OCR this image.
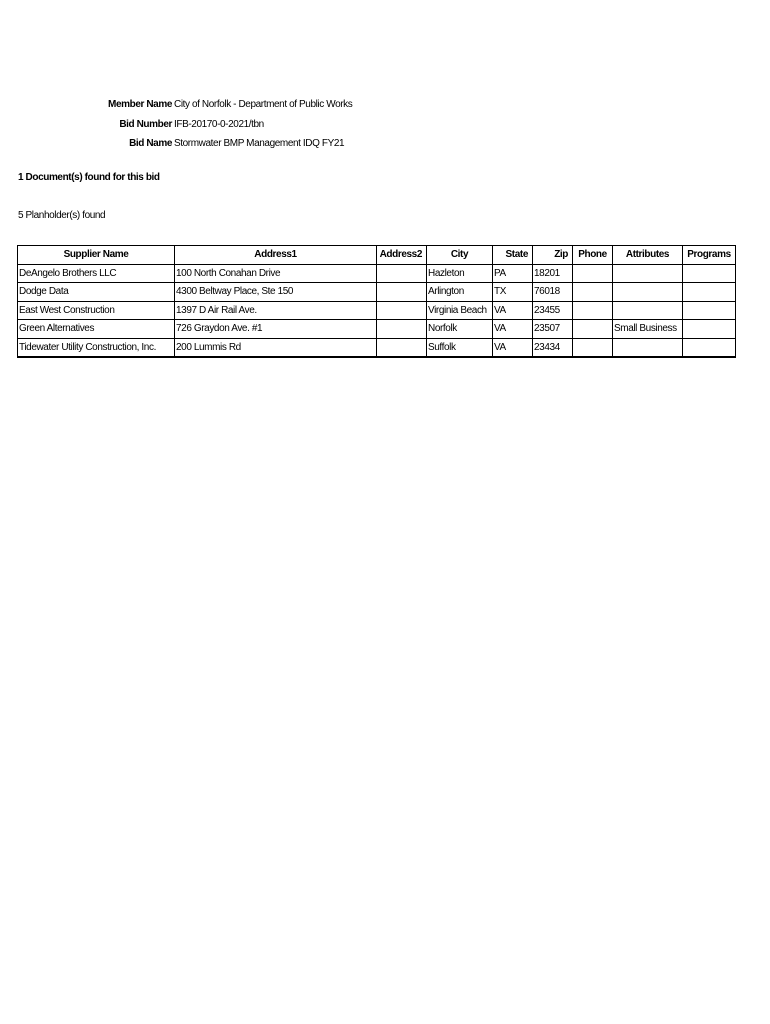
Member Name City of Norfolk - Department of Public Works
Bid Number IFB-20170-0-2021/tbn
Bid Name Stormwater BMP Management IDQ FY21
1 Document(s) found for this bid
5 Planholder(s) found
Supplier Name	Address1	Address2	City	State	Zip	Phone	Attributes	Programs
DeAngelo Brothers LLC	100 North Conahan Drive		Hazleton	PA	18201			
Dodge Data	4300 Beltway Place, Ste 150		Arlington	TX	76018			
East West Construction	1397 D Air Rail Ave.		Virginia Beach	VA	23455			
Green Alternatives	726 Graydon Ave. #1		Norfolk	VA	23507		Small Business	
Tidewater Utility Construction, Inc.	200 Lummis Rd		Suffolk	VA	23434			
